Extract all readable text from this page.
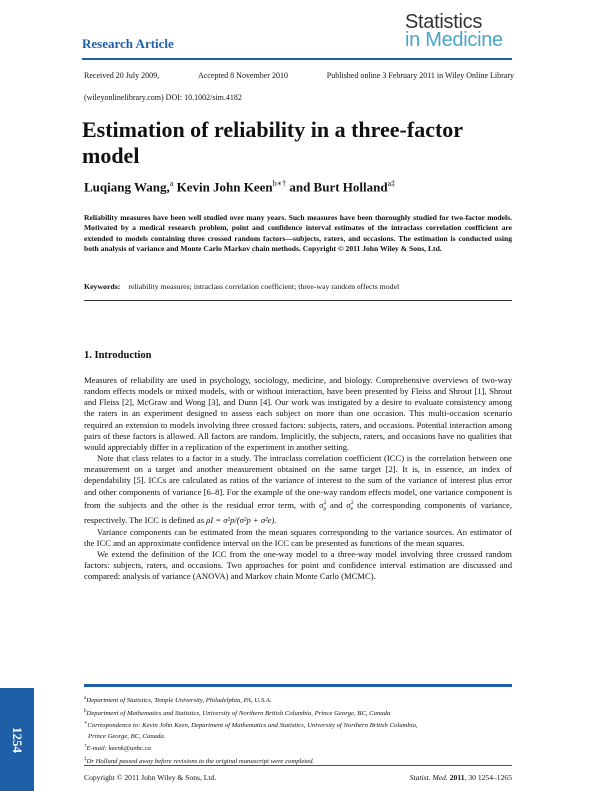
Research Article
Statistics
in Medicine
Received 20 July 2009,	Accepted 8 November 2010	Published online 3 February 2011 in Wiley Online Library
(wileyonlinelibrary.com) DOI: 10.1002/sim.4182
Estimation of reliability in a three-factor model
Luqiang Wang,$^a$ Kevin John Keen$^{b∗\dagger}$ and Burt Holland$^{a\ddagger}$

Reliability measures have been well studied over many years. Such measures have been thoroughly studied for two-factor models. Motivated by a medical research problem, point and confidence interval estimates of the intraclass correlation coefficient are extended to models containing three crossed random factors—subjects, raters, and occasions. The estimation is conducted using both analysis of variance and Monte Carlo Markov chain methods. Copyright © 2011 John Wiley & Sons, Ltd.

Keywords: reliability measures; intraclass correlation coefficient; three-way random effects model
1. Introduction

Measures of reliability are used in psychology, sociology, medicine, and biology. Comprehensive overviews of two-way random effects models or mixed models, with or without interaction, have been presented by Fleiss and Shrout [1], Shrout and Fleiss [2], McGraw and Wong [3], and Dunn [4]. Our work was instigated by a desire to evaluate consistency among the raters in an experiment designed to assess each subject on more than one occasion. This multi-occasion scenario required an extension to models involving three crossed factors: subjects, raters, and occasions. Potential interaction among pairs of these factors is allowed. All factors are random. Implicitly, the subjects, raters, and occasions have no qualities that would appreciably differ in a replication of the experiment in another setting.

Note that class relates to a factor in a study. The intraclass correlation coefficient (ICC) is the correlation between one measurement on a target and another measurement obtained on the same target [2]. It is, in essence, an index of dependability [5]. ICCs are calculated as ratios of the variance of interest to the sum of the variance of interest plus error and other components of variance [6–8]. For the example of the one-way random effects model, one variance component is from the subjects and the other is the residual error term, with $\sigma^2_p$ and $\sigma^2_e$ the corresponding components of variance, respectively. The ICC is defined as ρI = σ²p/(σ²p + σ²e).

Variance components can be estimated from the mean squares corresponding to the variance sources. An estimator of the ICC and an approximate confidence interval on the ICC can be presented as functions of the mean squares.

We extend the definition of the ICC from the one-way model to a three-way model involving three crossed random factors: subjects, raters, and occasions. Two approaches for point and confidence interval estimation are discussed and compared: analysis of variance (ANOVA) and Markov chain Monte Carlo (MCMC).

$^a$Department of Statistics, Temple University, Philadelphia, PA, U.S.A.
$^b$Department of Mathematics and Statistics, University of Northern British Columbia, Prince George, BC, Canada
∗Correspondence to: Kevin John Keen, Department of Mathematics and Statistics, University of Northern British Columbia,
Prince George, BC, Canada.
†E-mail: keenk@unbc.ca
‡Dr Holland passed away before revisions to the original manuscript were completed.
1254
Copyright © 2011 John Wiley & Sons, Ltd.	Statist. Med. 2011, 30 1254–1265
